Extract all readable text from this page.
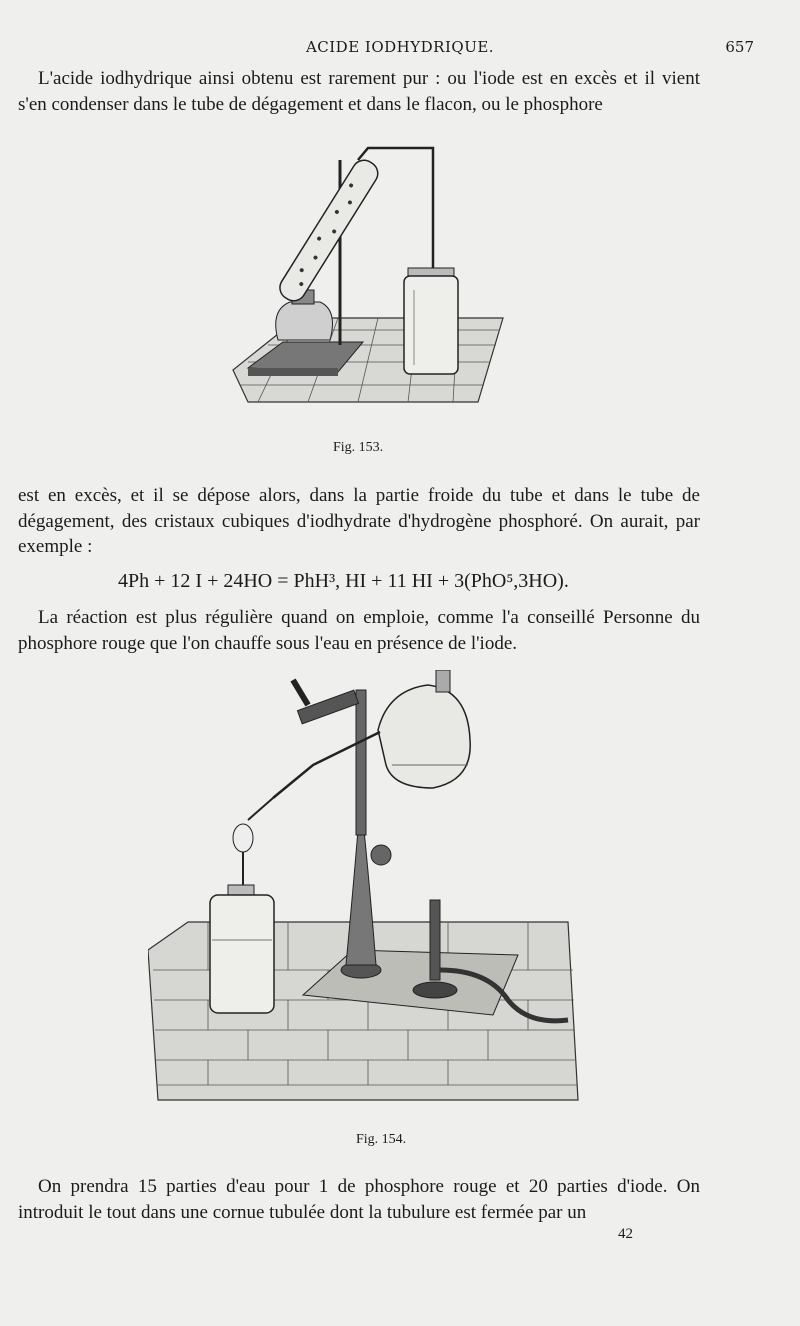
ACIDE IODHYDRIQUE.	657

L'acide iodhydrique ainsi obtenu est rarement pur : ou l'iode est en excès et il vient s'en condenser dans le tube de dégagement et dans le flacon, ou le phosphore

Fig. 153.

est en excès, et il se dépose alors, dans la partie froide du tube et dans le tube de dégagement, des cristaux cubiques d'iodhydrate d'hydrogène phosphoré. On aurait, par exemple :

4Ph + 12 I + 24HO = PhH³, HI + 11 HI + 3(PhO⁵,3HO).

La réaction est plus régulière quand on emploie, comme l'a conseillé Personne du phosphore rouge que l'on chauffe sous l'eau en présence de l'iode.

Fig. 154.

On prendra 15 parties d'eau pour 1 de phosphore rouge et 20 parties d'iode. On introduit le tout dans une cornue tubulée dont la tubulure est fermée par un

42
